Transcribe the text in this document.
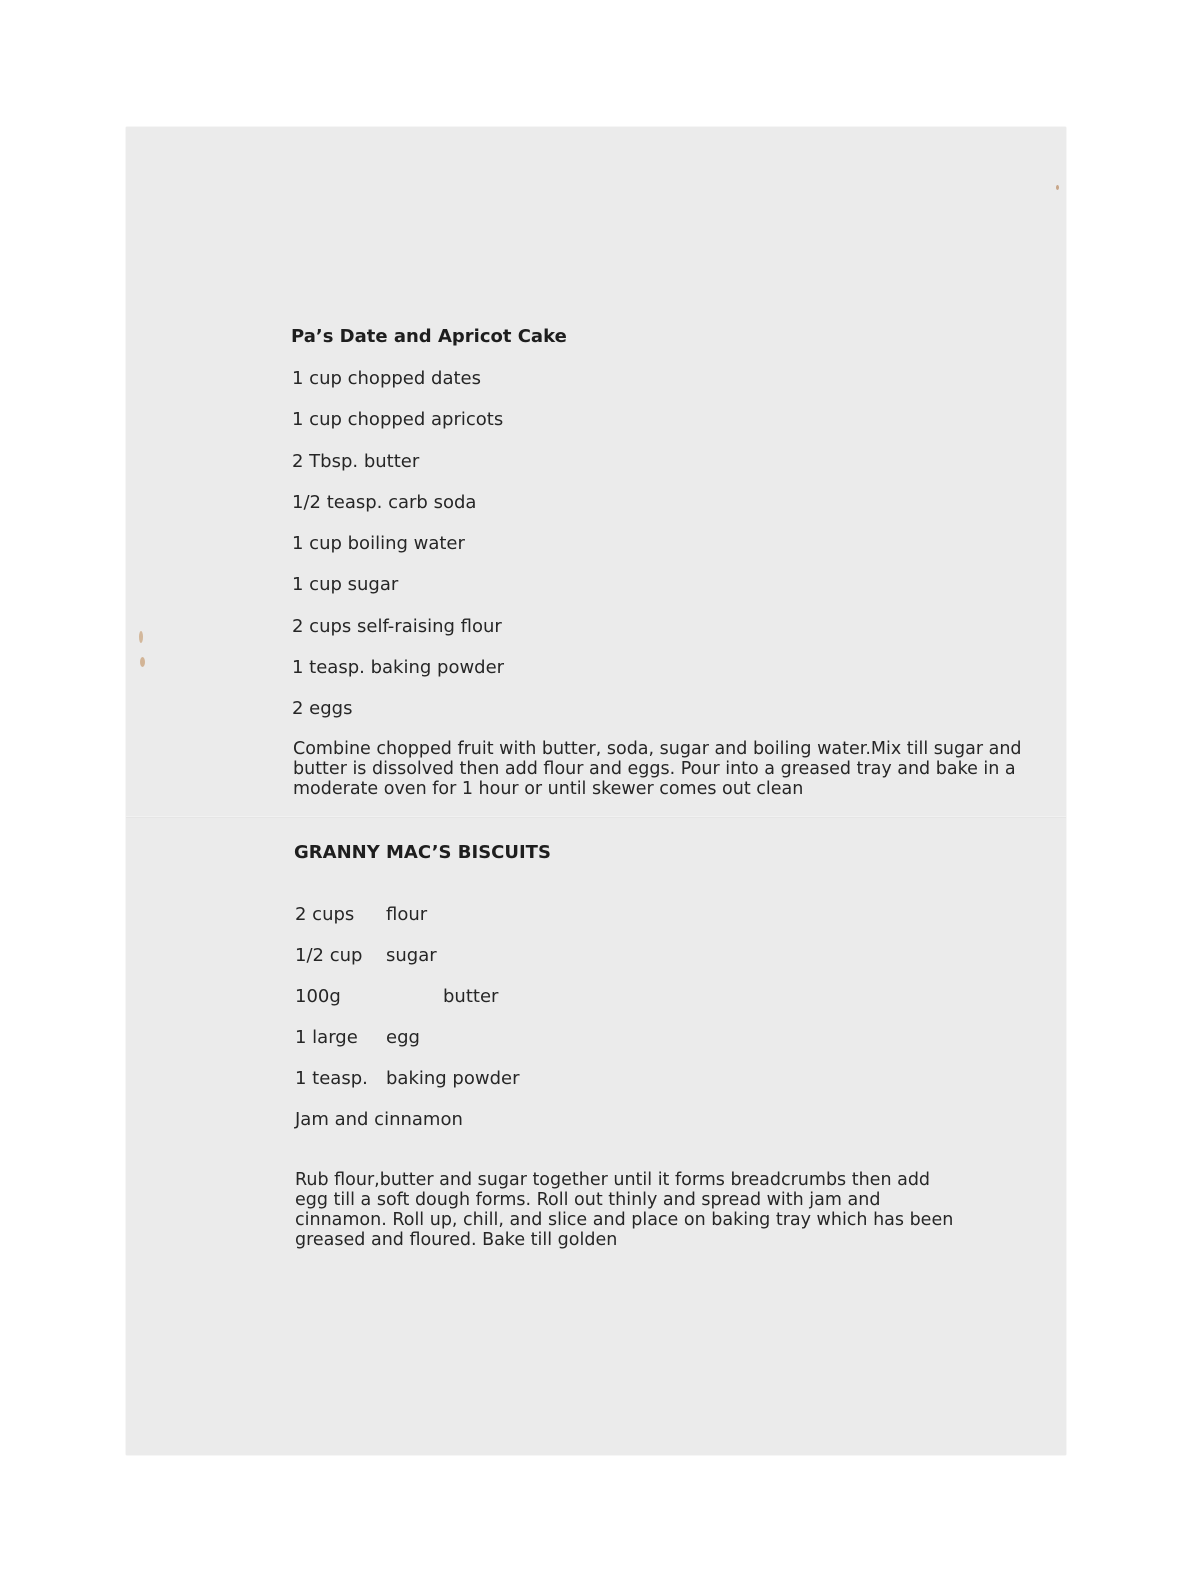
Pa’s Date and Apricot Cake
1 cup chopped dates
1 cup chopped apricots
2 Tbsp. butter
1/2 teasp. carb soda
1 cup boiling water
1 cup sugar
2 cups self-raising flour
1 teasp. baking powder
2 eggs
Combine chopped fruit with butter, soda, sugar and boiling water.Mix till sugar and butter is dissolved then add flour and eggs. Pour into a greased tray and bake in a moderate oven for 1 hour or until skewer comes out clean
GRANNY MAC’S BISCUITS
2 cups flour
1/2 cup sugar
100g	butter
1 large egg
1 teasp. baking powder
Jam and cinnamon
Rub flour,butter and sugar together until it forms breadcrumbs then add egg till a soft dough forms. Roll out thinly and spread with jam and cinnamon. Roll up, chill, and slice and place on baking tray which has been greased and floured. Bake till golden
